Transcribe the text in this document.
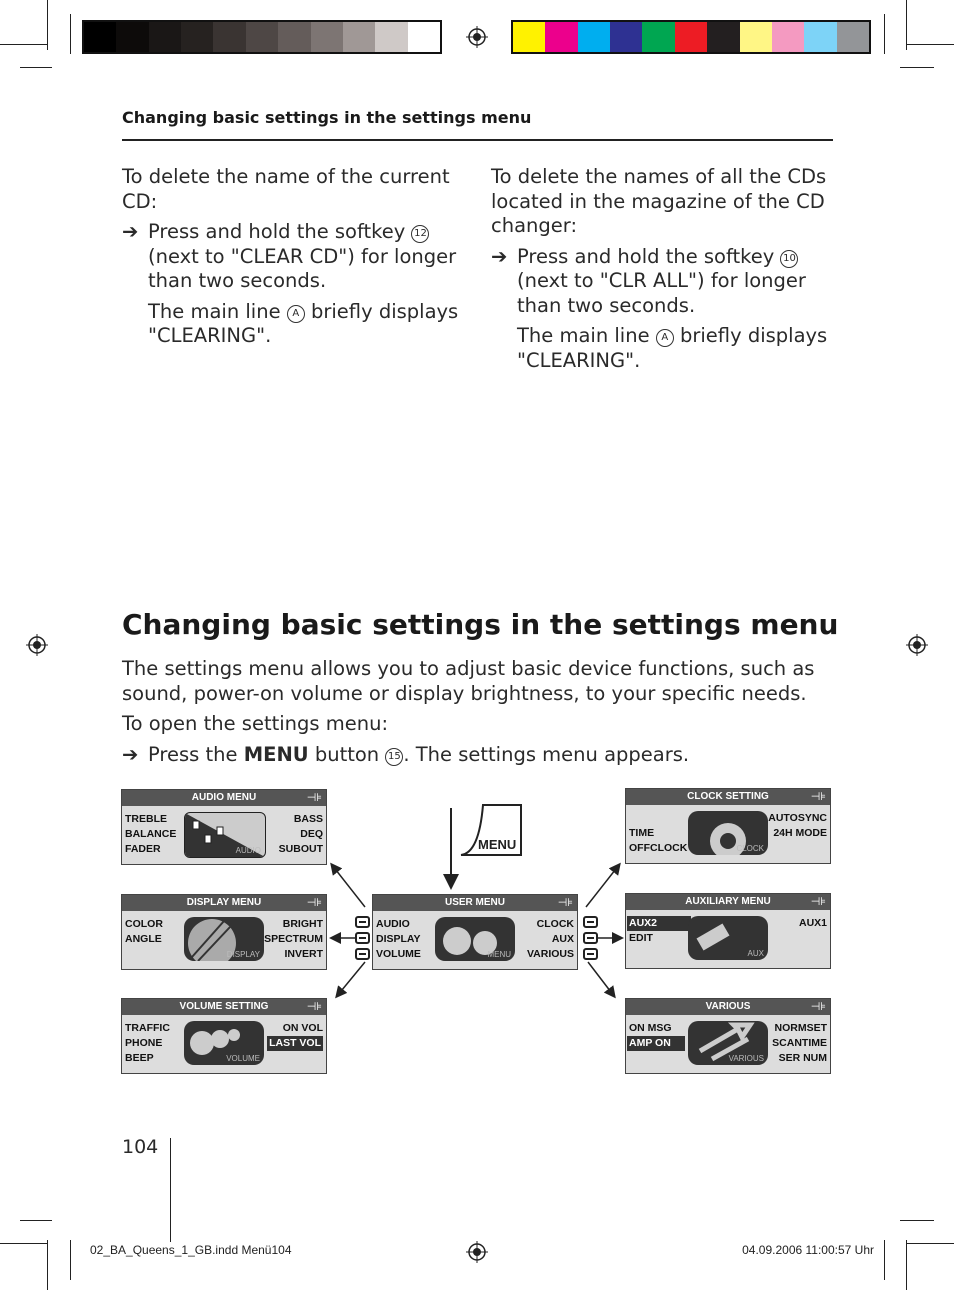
Changing basic settings in the settings menu

To delete the name of the current CD:

➔ Press and hold the softkey 12 (next to "CLEAR CD") for longer than two seconds.

The main line A briefly displays "CLEARING".

To delete the names of all the CDs located in the magazine of the CD changer:

➔ Press and hold the softkey 10 (next to "CLR ALL") for longer than two seconds.

The main line A briefly displays "CLEARING".

Changing basic settings in the settings menu

The settings menu allows you to adjust basic device functions, such as sound, power-on volume or display brightness, to your specific needs.

To open the settings menu:

➔ Press the MENU button 15 . The settings menu appears.
MENU
AUDIO MENU	⊣⊧
TREBLE
BALANCE
FADER
BASS
DEQ
SUBOUT
AUDIO
DISPLAY MENU	⊣⊧
COLOR
ANGLE
BRIGHT
SPECTRUM
INVERT
DISPLAY
VOLUME SETTING	⊣⊧
TRAFFIC
PHONE
BEEP
ON VOL
LAST VOL
VOLUME
USER MENU	⊣⊧
AUDIO
DISPLAY
VOLUME
CLOCK
AUX
VARIOUS
MENU
CLOCK SETTING	⊣⊧
TIME
OFFCLOCK
AUTOSYNC
24H MODE
CLOCK
AUXILIARY MENU	⊣⊧
AUX2
EDIT
AUX1
AUX
VARIOUS	⊣⊧
ON MSG
AMP ON
NORMSET
SCANTIME
SER NUM
VARIOUS
104
02_BA_Queens_1_GB.indd Menü104	04.09.2006 11:00:57 Uhr
